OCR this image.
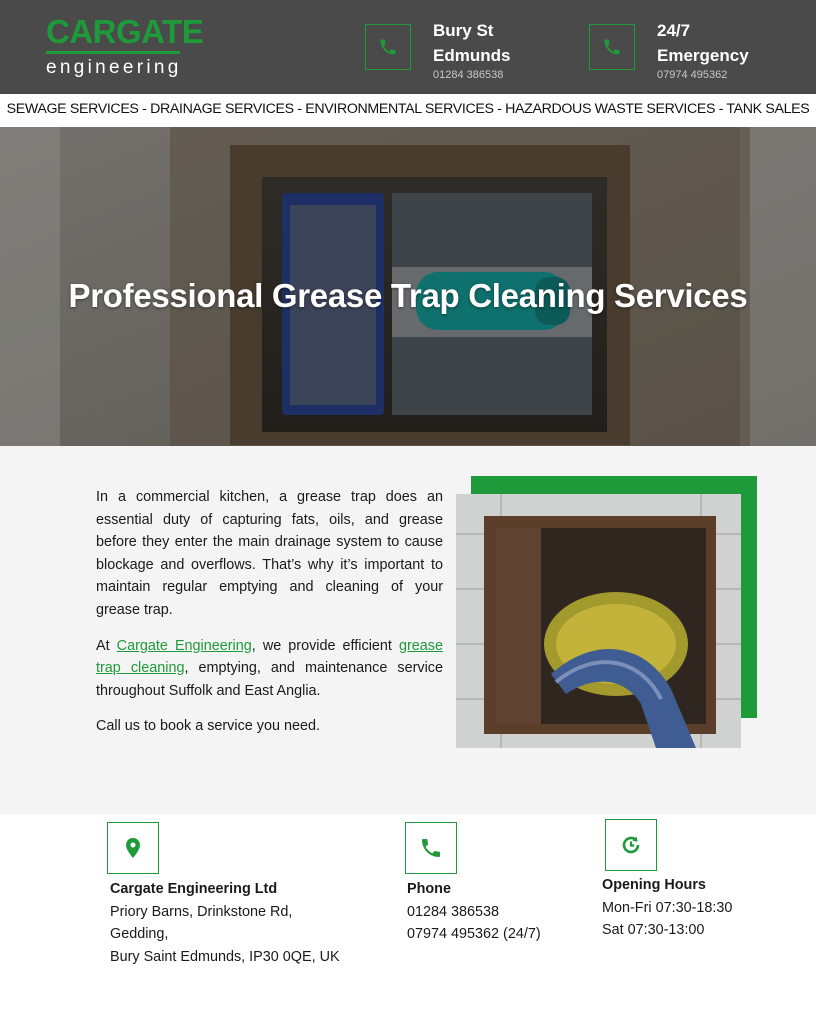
CARGATE
engineering
Bury St
Edmunds
01284 386538
24/7
Emergency
07974 495362
SEWAGE SERVICES - DRAINAGE SERVICES - ENVIRONMENTAL SERVICES - HAZARDOUS WASTE SERVICES - TANK SALES
Professional Grease Trap Cleaning Services

In a commercial kitchen, a grease trap does an essential duty of capturing fats, oils, and grease before they enter the main drainage system to cause blockage and overflows. That’s why it’s important to maintain regular emptying and cleaning of your grease trap.

At Cargate Engineering, we provide efficient grease trap cleaning, emptying, and maintenance service throughout Suffolk and East Anglia.

Call us to book a service you need.

Cargate Engineering Ltd
Priory Barns, Drinkstone Rd,
Gedding,
Bury Saint Edmunds, IP30 0QE, UK
Phone
01284 386538
07974 495362 (24/7)
Opening Hours
Mon-Fri 07:30-18:30
Sat 07:30-13:00
